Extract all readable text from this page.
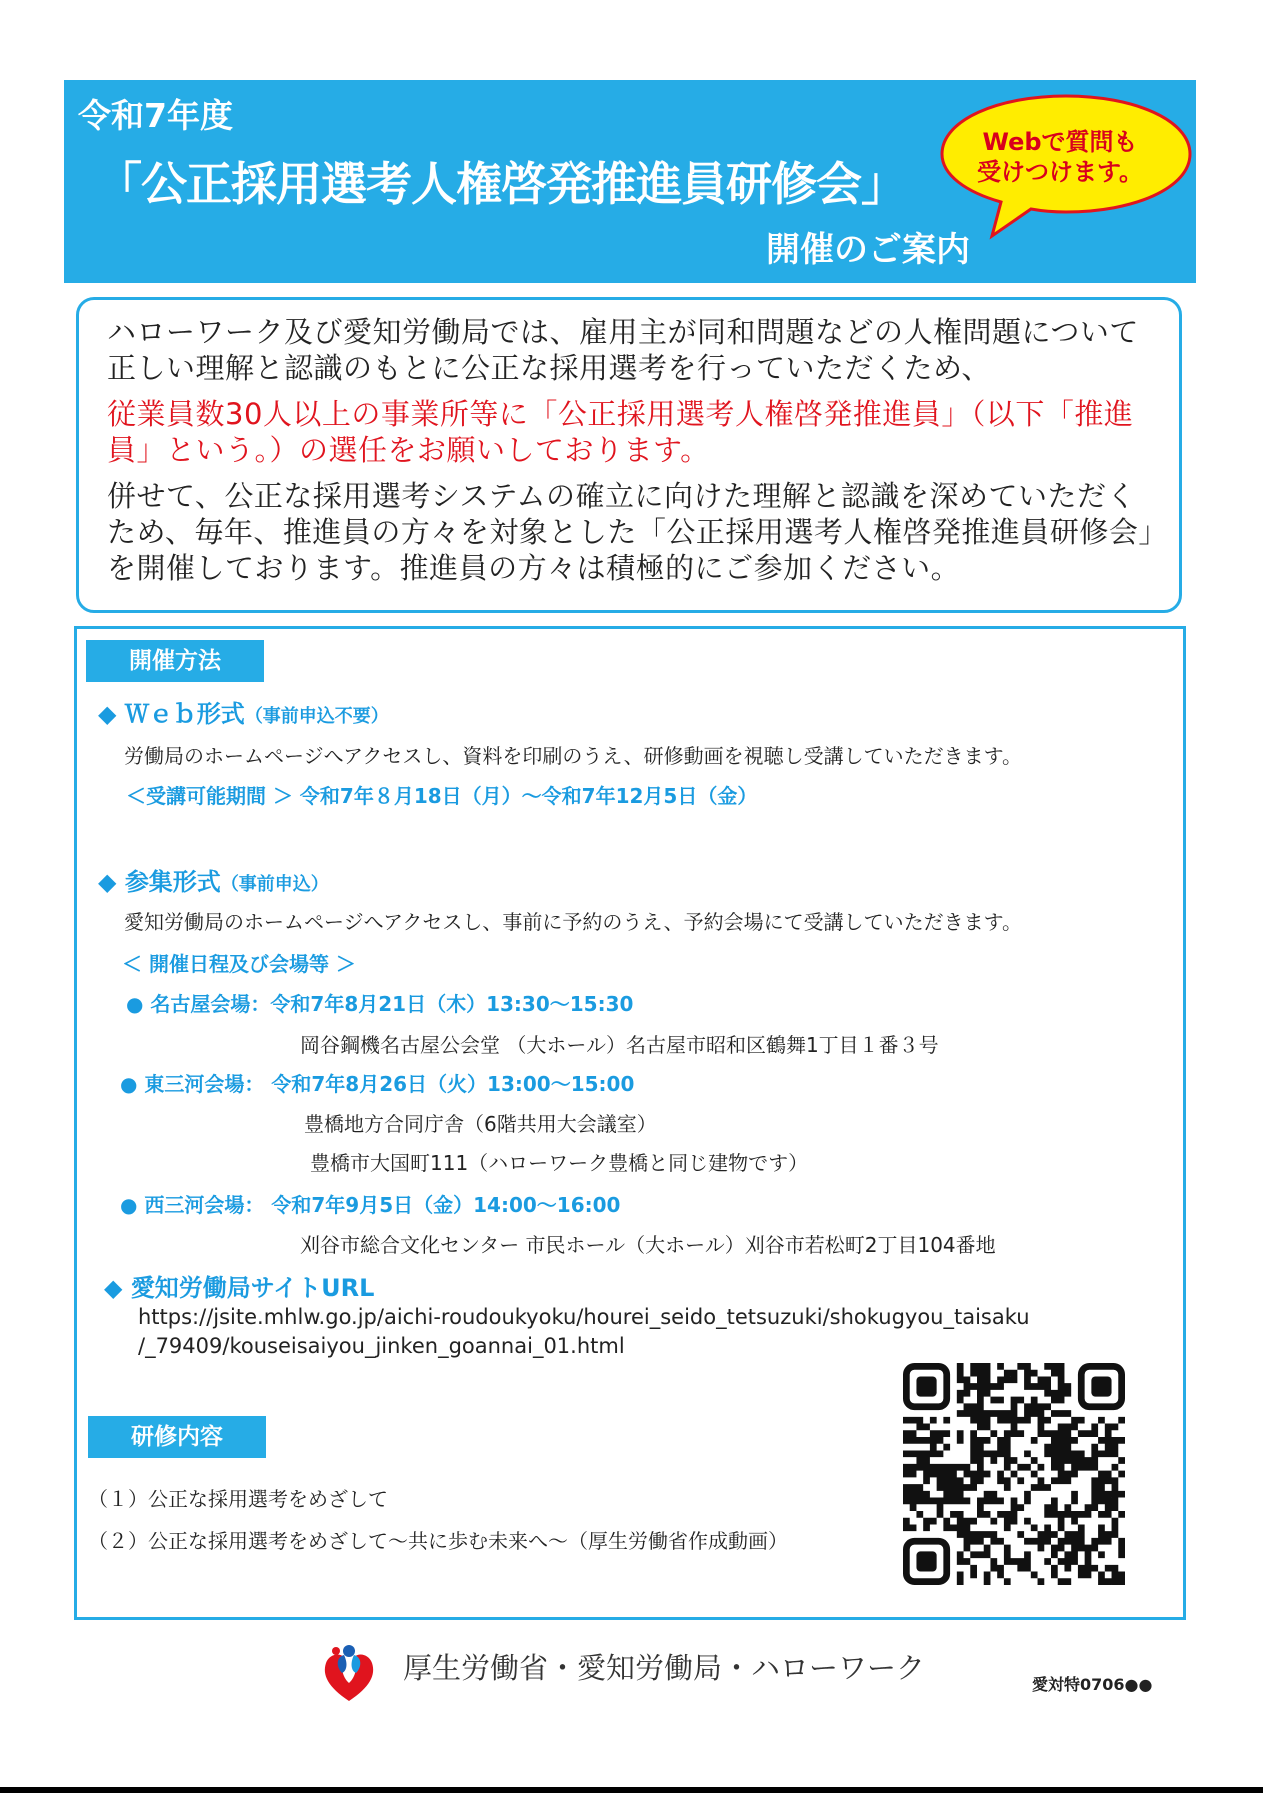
令和7年度
「公正採用選考人権啓発推進員研修会」
開催のご案内
Webで質問も
受けつけます。

ハローワーク及び愛知労働局では、雇用主が同和問題などの人権問題について正しい理解と認識のもとに公正な採用選考を行っていただくため、

従業員数30人以上の事業所等に「公正採用選考人権啓発推進員」（以下「推進員」という。）の選任をお願いしております。

併せて、公正な採用選考システムの確立に向けた理解と認識を深めていただくため、毎年、推進員の方々を対象とした「公正採用選考人権啓発推進員研修会」を開催しております。推進員の方々は積極的にご参加ください。

開催方法
◆ Ｗｅｂ形式（事前申込不要）
労働局のホームページへアクセスし、資料を印刷のうえ、研修動画を視聴し受講していただきます。
＜受講可能期間 ＞ 令和7年８月18日（月）～令和7年12月5日（金）
◆ 参集形式（事前申込）
愛知労働局のホームページへアクセスし、事前に予約のうえ、予約会場にて受講していただきます。
＜ 開催日程及び会場等 ＞
● 名古屋会場：令和7年8月21日（木）13:30～15:30
岡谷鋼機名古屋公会堂 （大ホール）名古屋市昭和区鶴舞1丁目１番３号
● 東三河会場： 令和7年8月26日（火）13:00～15:00
豊橋地方合同庁舎（6階共用大会議室）
豊橋市大国町111（ハローワーク豊橋と同じ建物です）
● 西三河会場： 令和7年9月5日（金）14:00～16:00
刈谷市総合文化センター 市民ホール（大ホール）刈谷市若松町2丁目104番地
◆ 愛知労働局サイトURL
https://jsite.mhlw.go.jp/aichi-roudoukyoku/hourei_seido_tetsuzuki/shokugyou_taisaku
/_79409/kouseisaiyou_jinken_goannai_01.html
研修内容
（１）公正な採用選考をめざして
（２）公正な採用選考をめざして～共に歩む未来へ～（厚生労働省作成動画）
厚生労働省・愛知労働局・ハローワーク	愛対特0706●●
